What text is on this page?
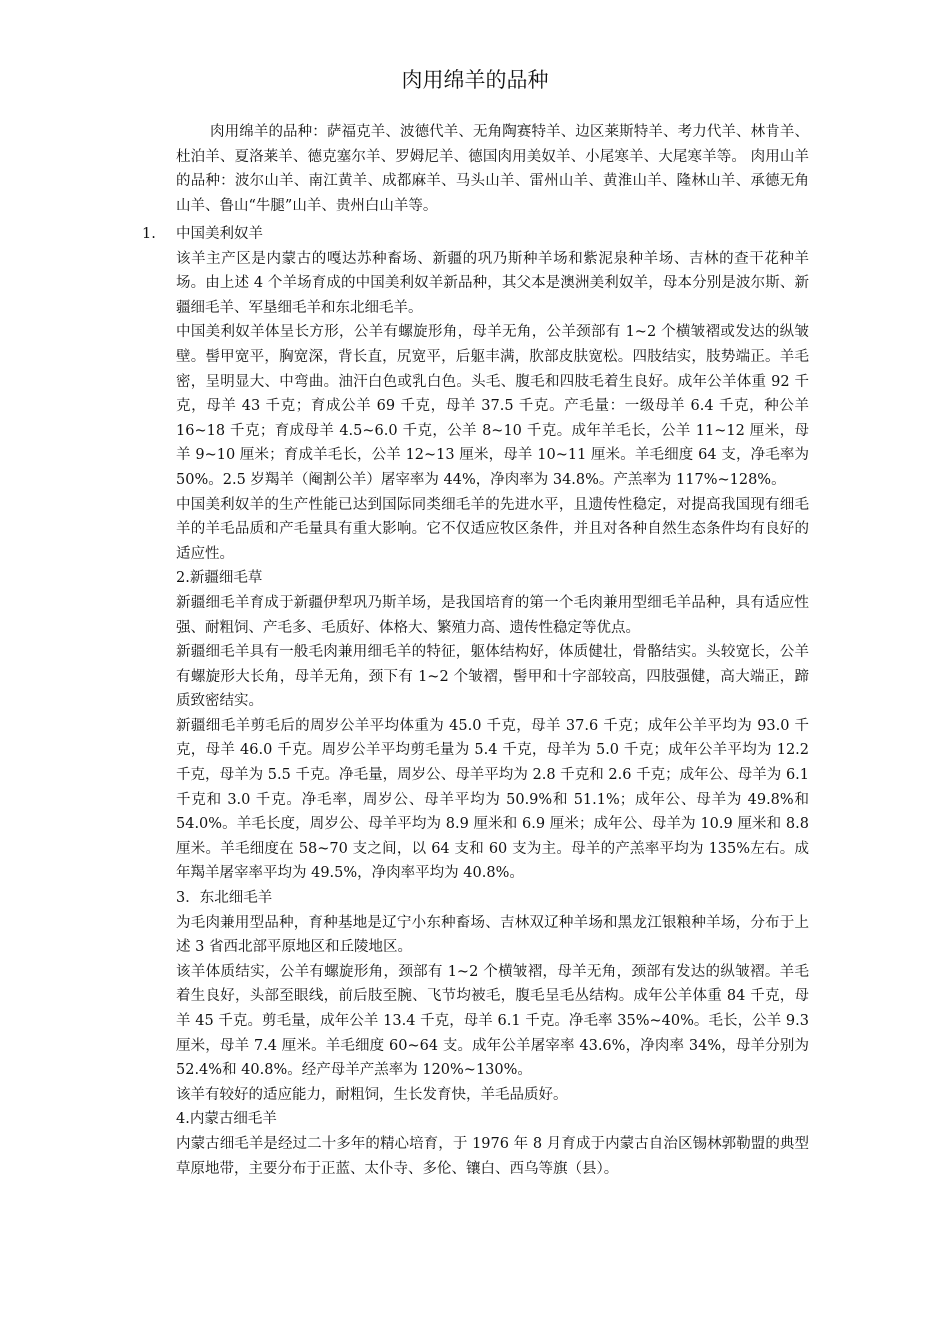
肉用绵羊的品种

肉用绵羊的品种：萨福克羊、波德代羊、无角陶赛特羊、边区莱斯特羊、考力代羊、林肯羊、杜泊羊、夏洛莱羊、德克塞尔羊、罗姆尼羊、德国肉用美奴羊、小尾寒羊、大尾寒羊等。 肉用山羊的品种：波尔山羊、南江黄羊、成都麻羊、马头山羊、雷州山羊、黄淮山羊、隆林山羊、承德无角山羊、鲁山“牛腿”山羊、贵州白山羊等。

1. 中国美利奴羊

该羊主产区是内蒙古的嘎达苏种畜场、新疆的巩乃斯种羊场和紫泥泉种羊场、吉林的查干花种羊场。由上述 4 个羊场育成的中国美利奴羊新品种，其父本是澳洲美利奴羊，母本分别是波尔斯、新疆细毛羊、军垦细毛羊和东北细毛羊。

中国美利奴羊体呈长方形，公羊有螺旋形角，母羊无角，公羊颈部有 1~2 个横皱褶或发达的纵皱壁。髻甲宽平，胸宽深，背长直，尻宽平，后躯丰满，肷部皮肤宽松。四肢结实，肢势端正。羊毛密，呈明显大、中弯曲。油汗白色或乳白色。头毛、腹毛和四肢毛着生良好。成年公羊体重 92 千克，母羊 43 千克；育成公羊 69 千克，母羊 37.5 千克。产毛量：一级母羊 6.4 千克，种公羊 16~18 千克；育成母羊 4.5~6.0 千克，公羊 8~10 千克。成年羊毛长，公羊 11~12 厘米，母羊 9~10 厘米；育成羊毛长，公羊 12~13 厘米，母羊 10~11 厘米。羊毛细度 64 支，净毛率为 50%。2.5 岁羯羊（阉割公羊）屠宰率为 44%，净肉率为 34.8%。产羔率为 117%~128%。

中国美利奴羊的生产性能已达到国际同类细毛羊的先进水平，且遗传性稳定，对提高我国现有细毛羊的羊毛品质和产毛量具有重大影响。它不仅适应牧区条件，并且对各种自然生态条件均有良好的适应性。

2.新疆细毛草

新疆细毛羊育成于新疆伊犁巩乃斯羊场，是我国培育的第一个毛肉兼用型细毛羊品种，具有适应性强、耐粗饲、产毛多、毛质好、体格大、繁殖力高、遗传性稳定等优点。

新疆细毛羊具有一般毛肉兼用细毛羊的特征，躯体结构好，体质健壮，骨骼结实。头较宽长，公羊有螺旋形大长角，母羊无角，颈下有 1~2 个皱褶，髻甲和十字部较高，四肢强健，高大端正，蹄质致密结实。

新疆细毛羊剪毛后的周岁公羊平均体重为 45.0 千克，母羊 37.6 千克；成年公羊平均为 93.0 千克，母羊 46.0 千克。周岁公羊平均剪毛量为 5.4 千克，母羊为 5.0 千克；成年公羊平均为 12.2 千克，母羊为 5.5 千克。净毛量，周岁公、母羊平均为 2.8 千克和 2.6 千克；成年公、母羊为 6.1 千克和 3.0 千克。净毛率，周岁公、母羊平均为 50.9%和 51.1%；成年公、母羊为 49.8%和 54.0%。羊毛长度，周岁公、母羊平均为 8.9 厘米和 6.9 厘米；成年公、母羊为 10.9 厘米和 8.8 厘米。羊毛细度在 58~70 支之间，以 64 支和 60 支为主。母羊的产羔率平均为 135%左右。成年羯羊屠宰率平均为 49.5%，净肉率平均为 40.8%。

3．东北细毛羊

为毛肉兼用型品种，育种基地是辽宁小东种畜场、吉林双辽种羊场和黑龙江银粮种羊场，分布于上述 3 省西北部平原地区和丘陵地区。

该羊体质结实，公羊有螺旋形角，颈部有 1~2 个横皱褶，母羊无角，颈部有发达的纵皱褶。羊毛着生良好，头部至眼线，前后肢至腕、飞节均被毛，腹毛呈毛丛结构。成年公羊体重 84 千克，母羊 45 千克。剪毛量，成年公羊 13.4 千克，母羊 6.1 千克。净毛率 35%~40%。毛长，公羊 9.3 厘米，母羊 7.4 厘米。羊毛细度 60~64 支。成年公羊屠宰率 43.6%，净肉率 34%，母羊分别为 52.4%和 40.8%。经产母羊产羔率为 120%~130%。

该羊有较好的适应能力，耐粗饲，生长发育快，羊毛品质好。

4.内蒙古细毛羊

内蒙古细毛羊是经过二十多年的精心培育，于 1976 年 8 月育成于内蒙古自治区锡林郭勒盟的典型草原地带，主要分布于正蓝、太仆寺、多伦、镶白、西乌等旗（县）。
